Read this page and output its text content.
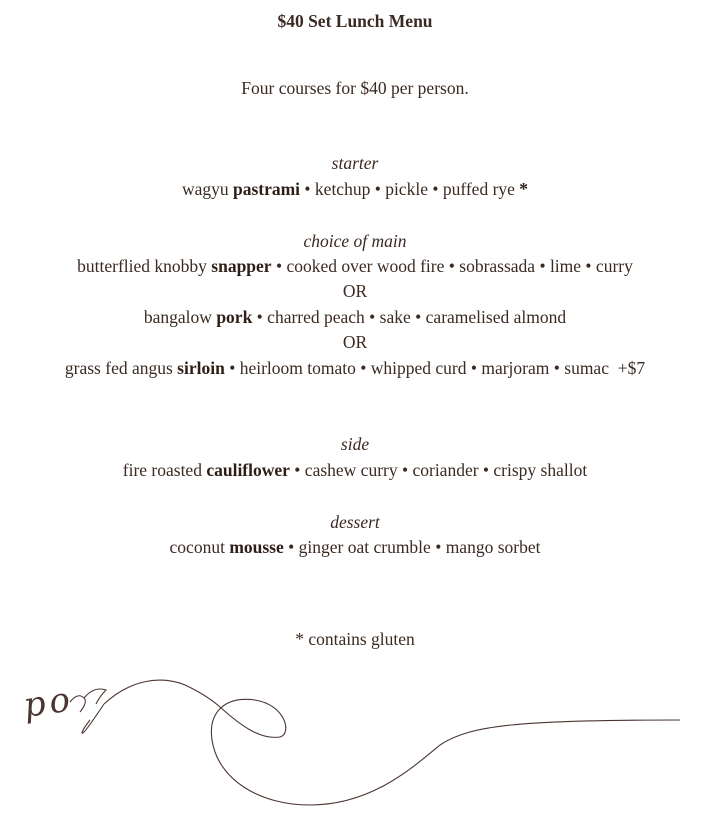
$40 Set Lunch Menu
Four courses for $40 per person.
starter
wagyu pastrami • ketchup • pickle • puffed rye *
choice of main
butterflied knobby snapper • cooked over wood fire • sobrassada • lime • curry
OR
bangalow pork • charred peach • sake • caramelised almond
OR
grass fed angus sirloin • heirloom tomato • whipped curd • marjoram • sumac  +$7
side
fire roasted cauliflower • cashew curry • coriander • crispy shallot
dessert
coconut mousse • ginger oat crumble • mango sorbet
* contains gluten
po
